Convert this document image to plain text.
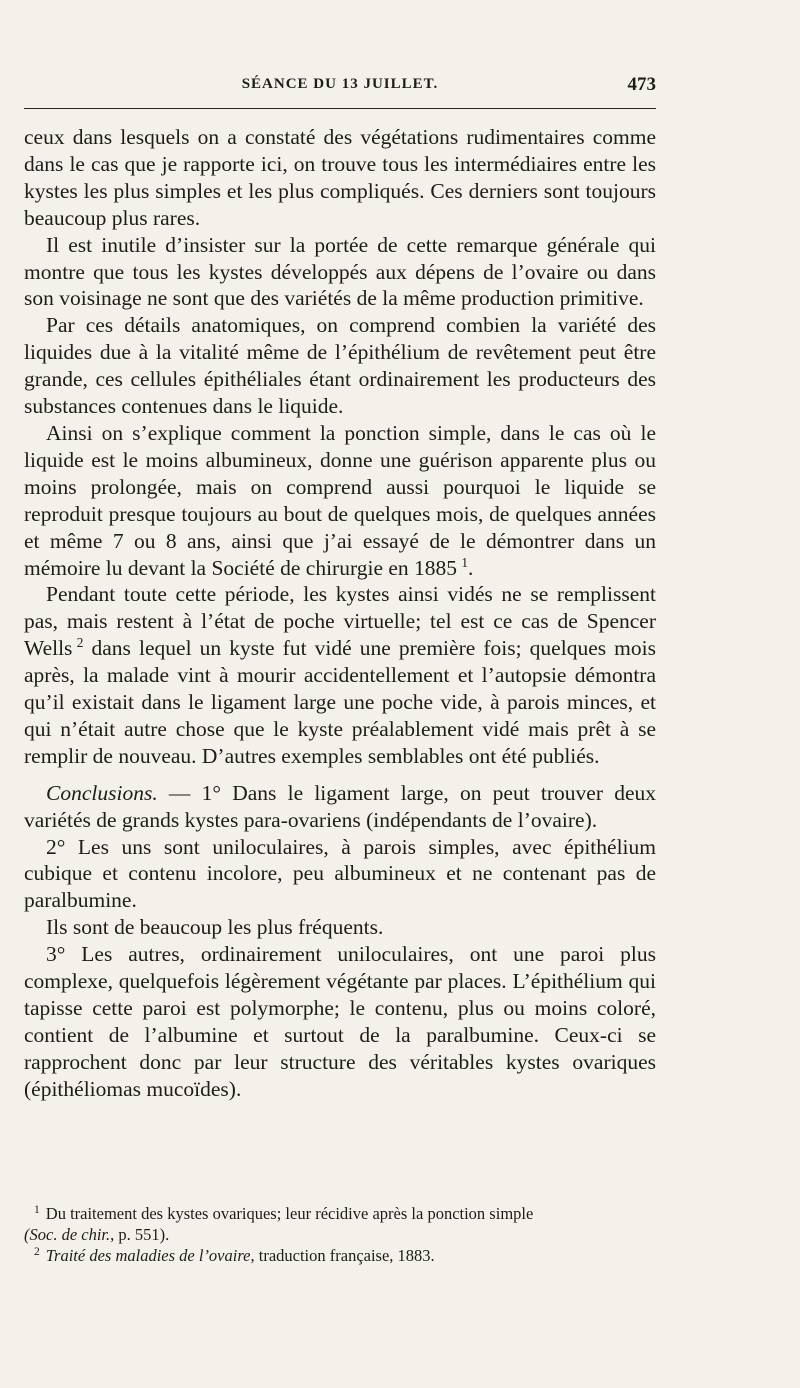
SÉANCE DU 13 JUILLET.	473

ceux dans lesquels on a constaté des végétations rudimentaires comme dans le cas que je rapporte ici, on trouve tous les intermédiaires entre les kystes les plus simples et les plus compliqués. Ces derniers sont toujours beaucoup plus rares.

Il est inutile d’insister sur la portée de cette remarque générale qui montre que tous les kystes développés aux dépens de l’ovaire ou dans son voisinage ne sont que des variétés de la même production primitive.

Par ces détails anatomiques, on comprend combien la variété des liquides due à la vitalité même de l’épithélium de revêtement peut être grande, ces cellules épithéliales étant ordinairement les producteurs des substances contenues dans le liquide.

Ainsi on s’explique comment la ponction simple, dans le cas où le liquide est le moins albumineux, donne une guérison apparente plus ou moins prolongée, mais on comprend aussi pourquoi le liquide se reproduit presque toujours au bout de quelques mois, de quelques années et même 7 ou 8 ans, ainsi que j’ai essayé de le démontrer dans un mémoire lu devant la Société de chirurgie en 1885  $^1$.

Pendant toute cette période, les kystes ainsi vidés ne se remplissent pas, mais restent à l’état de poche virtuelle; tel est ce cas de Spencer Wells  $^2$ dans lequel un kyste fut vidé une première fois; quelques mois après, la malade vint à mourir accidentellement et l’autopsie démontra qu’il existait dans le ligament large une poche vide, à parois minces, et qui n’était autre chose que le kyste préalablement vidé mais prêt à se remplir de nouveau. D’autres exemples semblables ont été publiés.

Conclusions. — 1° Dans le ligament large, on peut trouver deux variétés de grands kystes para-ovariens (indépendants de l’ovaire).

2° Les uns sont uniloculaires, à parois simples, avec épithélium cubique et contenu incolore, peu albumineux et ne contenant pas de paralbumine.

Ils sont de beaucoup les plus fréquents.

3° Les autres, ordinairement uniloculaires, ont une paroi plus complexe, quelquefois légèrement végétante par places. L’épithélium qui tapisse cette paroi est polymorphe; le contenu, plus ou moins coloré, contient de l’albumine et surtout de la paralbumine. Ceux-ci se rapprochent donc par leur structure des véritables kystes ovariques (épithéliomas mucoïdes).

$^1$ Du traitement des kystes ovariques; leur récidive après la ponction simple

(Soc. de chir., p. 551).

$^2$ Traité des maladies de l’ovaire, traduction française, 1883.
